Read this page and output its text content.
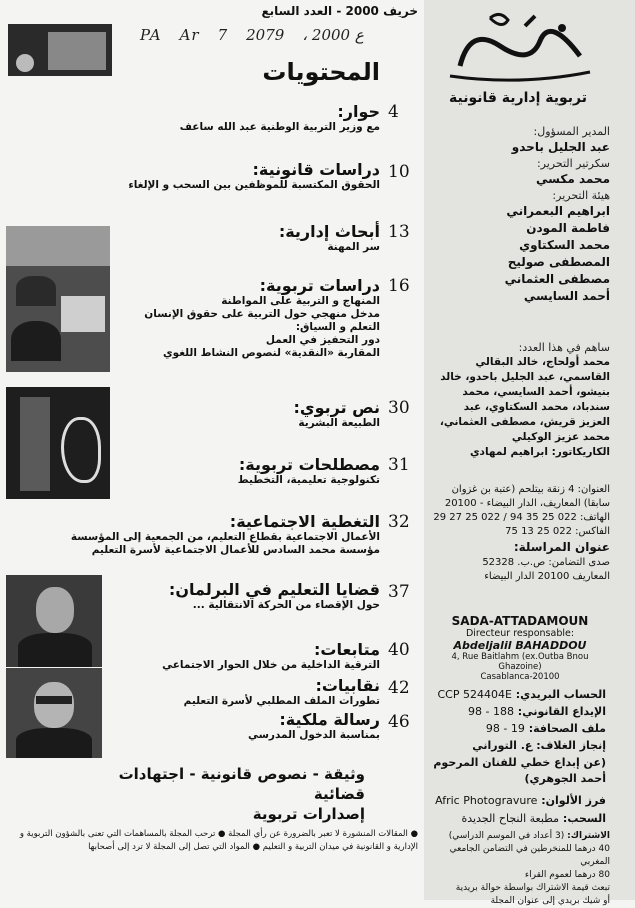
خريف 2000 - العدد السابع
PA Ar 7	ع 2000 ،2079
المحتويات
4
حوار:
مع وزير التربية الوطنية عبد الله ساعف
10
دراسات قانونية:
الحقوق المكتسبة للموظفين بين السحب و الإلغاء
13
أبحاث إدارية:
سر المهنة
16
دراسات تربوية:
المنهاج و التربية على المواطنة
مدخل منهجي حول التربية على حقوق الإنسان
التعلم و السياق:
دور التحفيز في العمل
المقاربة «النقدية» لنصوص النشاط اللغوي
30
نص تربوي:
الطبيعة البشرية
31
مصطلحات تربوية:
تكنولوجية تعليمية، التخطيط
32
التغطية الاجتماعية:
الأعمال الاجتماعية بقطاع التعليم، من الجمعية إلى المؤسسة
مؤسسة محمد السادس للأعمال الاجتماعية لأسرة التعليم
37
قضايا التعليم في البرلمان:
حول الإقصاء من الحركة الانتقالية ...
40
متابعات:
الترقية الداخلية من خلال الحوار الاجتماعي
42
نقابيات:
تطورات الملف المطلبي لأسرة التعليم
46
رسالة ملكية:
بمناسبة الدخول المدرسي
وثيقة - نصوص قانونية - اجتهادات قضائية
إصدارات تربوية
● المقالات المنشورة لا تعبر بالضرورة عن رأي المجلة ● ترحب المجلة بالمساهمات التي تعنى بالشؤون التربوية و الإدارية و القانونية في ميدان التربية و التعليم ● المواد التي تصل إلى المجلة لا ترد إلى أصحابها
تربوية إدارية قانونية
المدير المسؤول:
عبد الجليل باحدو
سكرتير التحرير:
محمد مكسي
هيئة التحرير:
ابراهيم البعمراني
فاطمة المودن
محمد السكتاوي
المصطفى صوليح
مصطفى العثماني
أحمد السايسي
ساهم في هذا العدد:
محمد أولحاج، خالد البقالي القاسمي، عبد الجليل باحدو، خالد بنيشو، أحمد السايسي، محمد سندباد، محمد السكتاوي، عبد العزيز قريش، مصطفى العثماني، محمد عزيز الوكيلي
الكاريكاتور: ابراهيم لمهادي
العنوان: 4 زنقة بيتلحم (عتبة بن غزوان سابقا) المعاريف، الدار البيضاء - 20100
الهاتف: 022 25 35 94 / 022 25 27 29
الفاكس: 022 25 13 75
عنوان المراسلة:
صدى التضامن: ص.ب. 52328
المعاريف 20100 الدار البيضاء
SADA-ATTADAMOUN
Directeur responsable:
Abdeljalil BAHADDOU
4, Rue Baitlahm (ex.Outba Bnou Ghazoine)
Casablanca-20100
الحساب البريدي: CCP 524404E
الإيداع القانوني: 188 - 98
ملف الصحافة: 19 - 98
إنجاز الغلاف: ع. التوراني
(عن إبداع خطي للفنان المرحوم
أحمد الجوهري)
فرز الألوان: Afric Photogravure
السحب: مطبعة النجاح الجديدة
الاشتراك: (3 أعداد في الموسم الدراسي)
40 درهما للمنخرطين في التضامن الجامعي المغربي
80 درهما لعموم القراء
تبعث قيمة الاشتراك بواسطة حوالة بريدية
أو شيك بريدي إلى عنوان المجلة
